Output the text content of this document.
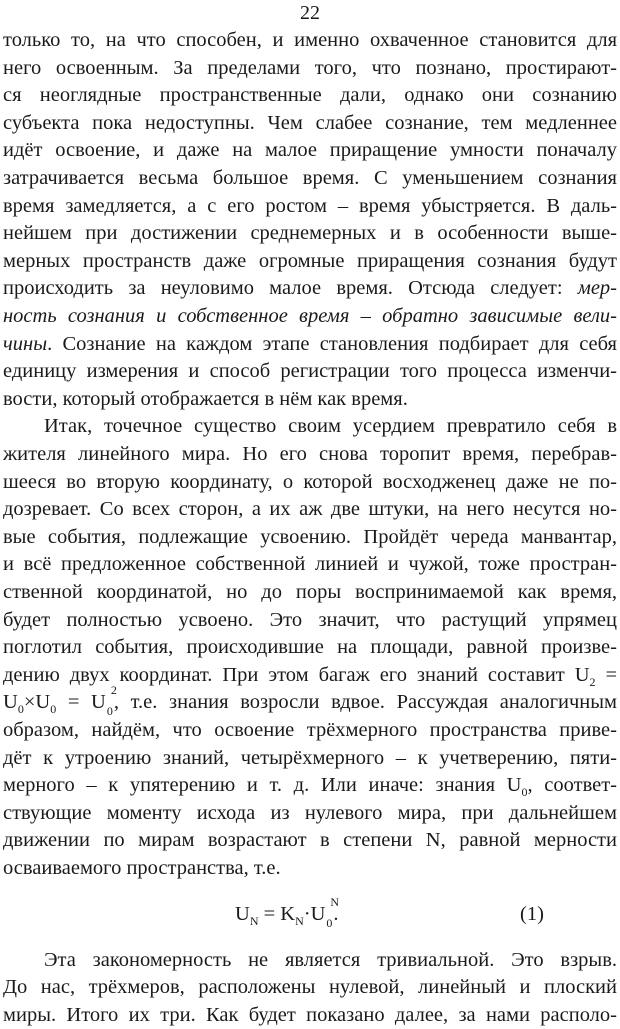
22
только то, на что способен, и именно охваченное становится для
него освоенным. За пределами того, что познано, простирают-
ся неоглядные пространственные дали, однако они сознанию
субъекта пока недоступны. Чем слабее сознание, тем медленнее
идёт освоение, и даже на малое приращение умности поначалу
затрачивается весьма большое время. С уменьшением сознания
время замедляется, а с его ростом – время убыстряется. В даль-
нейшем при достижении среднемерных и в особенности выше-
мерных пространств даже огромные приращения сознания будут
происходить за неуловимо малое время. Отсюда следует: мер-
ность сознания и собственное время – обратно зависимые вели-
чины. Сознание на каждом этапе становления подбирает для себя
единицу измерения и способ регистрации того процесса изменчи-
вости, который отображается в нём как время.
Итак, точечное существо своим усердием превратило себя в
жителя линейного мира. Но его снова торопит время, перебрав-
шееся во вторую координату, о которой восходженец даже не по-
дозревает. Со всех сторон, а их аж две штуки, на него несутся но-
вые события, подлежащие усвоению. Пройдёт череда манвантар,
и всё предложенное собственной линией и чужой, тоже простран-
ственной координатой, но до поры воспринимаемой как время,
будет полностью усвоено. Это значит, что растущий упрямец
поглотил события, происходившие на площади, равной произве-
дению двух координат. При этом багаж его знаний составит $U_2$ =
$U_0\times U_0 = U$ 0
2
, т.е. знания возросли вдвое. Рассуждая аналогичным
образом, найдём, что освоение трёхмерного пространства приве-
дёт к утроению знаний, четырёхмерного – к учетверению, пяти-
мерного – к упятерению и т. д. Или иначе: знания $U_0$, соответ-
ствующие моменту исхода из нулевого мира, при дальнейшем
движении по мирам возрастают в степени N, равной мерности
осваиваемого пространства, т.е.
$U_N = K_N\cdot U$ 0
N
.	(1)
Эта закономерность не является тривиальной. Это взрыв.
До нас, трёхмеров, расположены нулевой, линейный и плоский
миры. Итого их три. Как будет показано далее, за нами располо-
